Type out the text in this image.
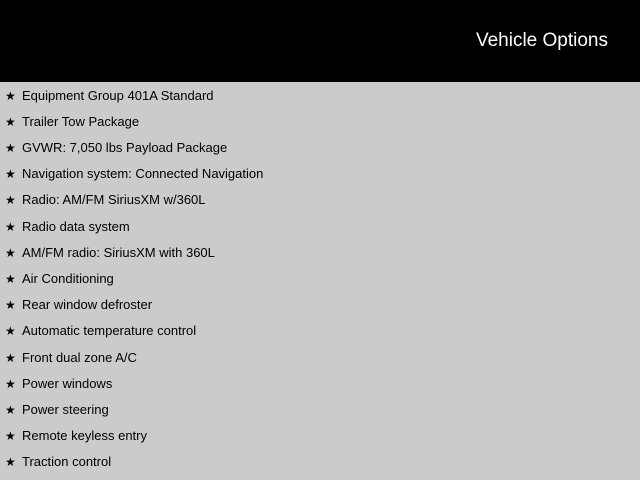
Vehicle Options
★ Equipment Group 401A Standard
★ Trailer Tow Package
★ GVWR: 7,050 lbs Payload Package
★ Navigation system: Connected Navigation
★ Radio: AM/FM SiriusXM w/360L
★ Radio data system
★ AM/FM radio: SiriusXM with 360L
★ Air Conditioning
★ Rear window defroster
★ Automatic temperature control
★ Front dual zone A/C
★ Power windows
★ Power steering
★ Remote keyless entry
★ Traction control
